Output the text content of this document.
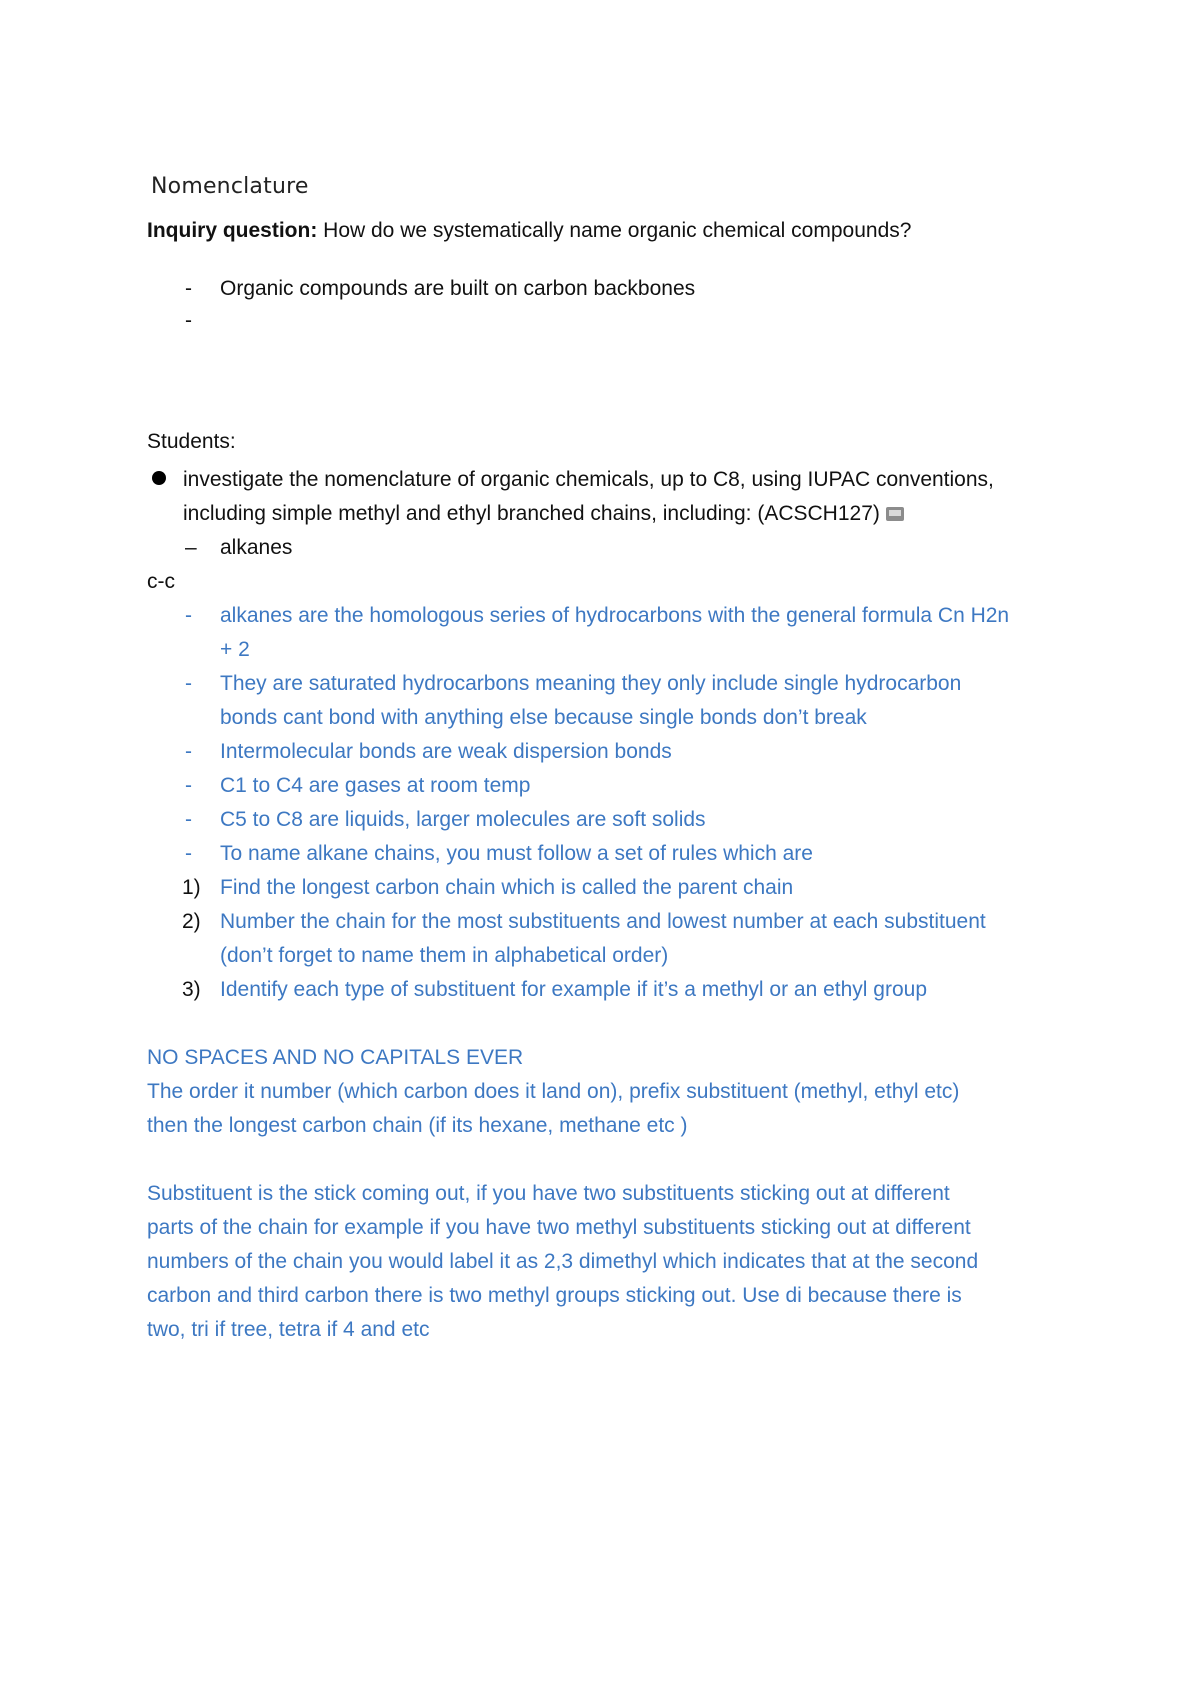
Nomenclature
Inquiry question: How do we systematically name organic chemical compounds?
-	Organic compounds are built on carbon backbones
-
Students:
investigate the nomenclature of organic chemicals, up to C8, using IUPAC conventions,
including simple methyl and ethyl branched chains, including: (ACSCH127)
–	alkanes
c-c
-	alkanes are the homologous series of hydrocarbons with the general formula Cn H2n
+ 2
-	They are saturated hydrocarbons meaning they only include single hydrocarbon
bonds cant bond with anything else because single bonds don’t break
-	Intermolecular bonds are weak dispersion bonds
-	C1 to C4 are gases at room temp
-	C5 to C8 are liquids, larger molecules are soft solids
-	To name alkane chains, you must follow a set of rules which are
1) Find the longest carbon chain which is called the parent chain
2) Number the chain for the most substituents and lowest number at each substituent
(don’t forget to name them in alphabetical order)
3) Identify each type of substituent for example if it’s a methyl or an ethyl group
NO SPACES AND NO CAPITALS EVER
The order it number (which carbon does it land on), prefix substituent (methyl, ethyl etc)
then the longest carbon chain (if its hexane, methane etc )
Substituent is the stick coming out, if you have two substituents sticking out at different
parts of the chain for example if you have two methyl substituents sticking out at different
numbers of the chain you would label it as 2,3 dimethyl which indicates that at the second
carbon and third carbon there is two methyl groups sticking out. Use di because there is
two, tri if tree, tetra if 4 and etc
